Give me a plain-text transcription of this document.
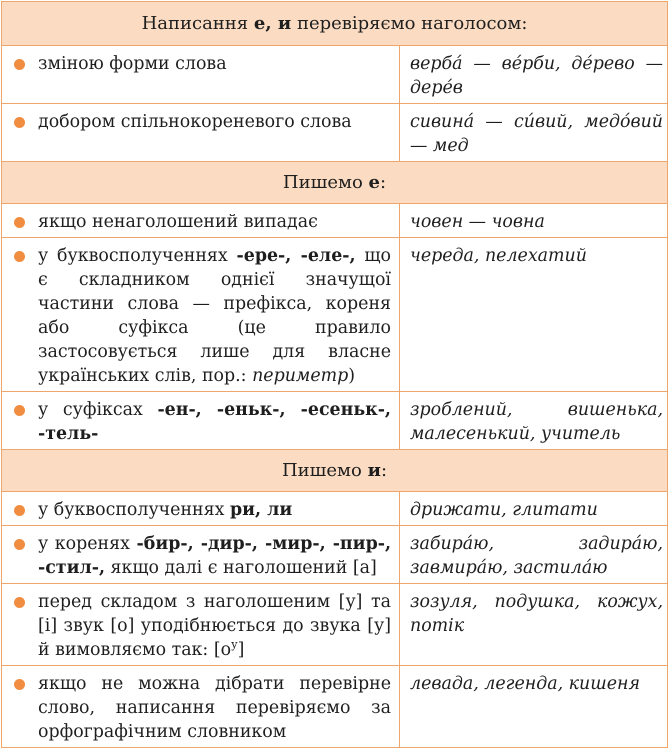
Написання е, и перевіряємо наголосом:	

зміною форми слова	вербá — вéрби, дéрево — дерéв

добором спільнокореневого слова	сивинá — сúвий, медóвий — мед
Пишемо е:	

якщо ненаголошений випадає	човен — човна

у буквосполученнях -ере-, -еле-, що є складником однієї значущої частини слова — префікса, кореня або суфікса (це правило застосовується лише для власне українських слів, пор.: периметр)	череда, пелехатий

у суфіксах -ен-, -еньк-, -есеньк-, -тель-	зроблений, вишенька, малесенький, учитель
Пишемо и:	

у буквосполученнях ри, ли	дрижати, глитати

у коренях -бир-, -дир-, -мир-, -пир-, -стил-, якщо далі є наголошений [а]	забирáю, задирáю, завмирáю, застилáю

перед складом з наголошеним [у] та [і] звук [о] уподібнюється до звука [у] й вимовляємо так: $[о^у]$	зозуля, подушка, кожух, потік

якщо не можна дібрати перевірне слово, написання перевіряємо за орфографічним словником	левада, легенда, кишеня
